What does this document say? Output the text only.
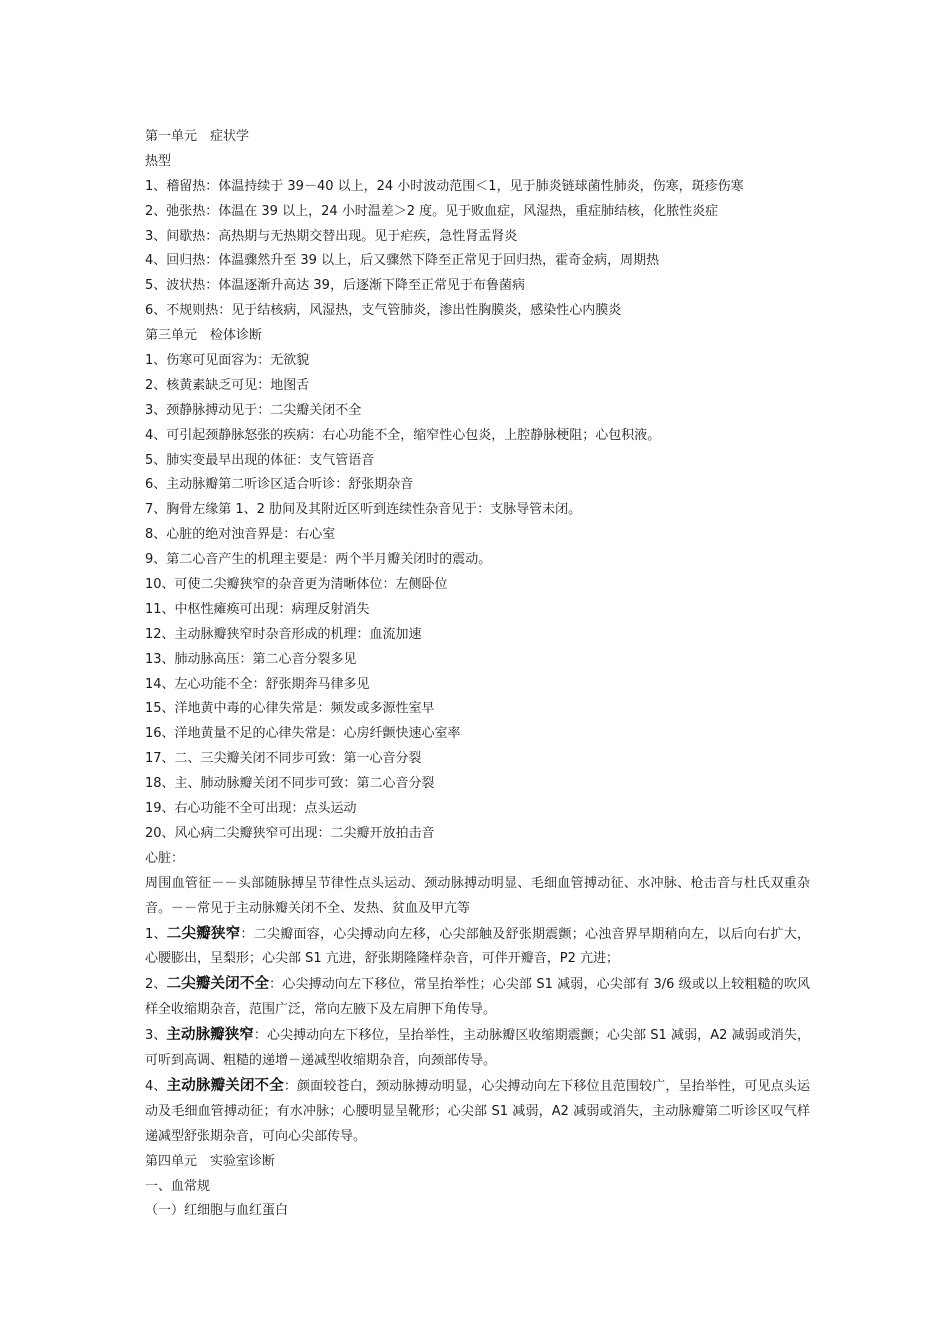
第一单元　症状学
热型
1、稽留热：体温持续于 39－40 以上，24 小时波动范围＜1，见于肺炎链球菌性肺炎，伤寒，斑疹伤寒
2、弛张热：体温在 39 以上，24 小时温差＞2 度。见于败血症，风湿热，重症肺结核，化脓性炎症
3、间歇热：高热期与无热期交替出现。见于疟疾，急性肾盂肾炎
4、回归热：体温骤然升至 39 以上，后又骤然下降至正常见于回归热，霍奇金病，周期热
5、波状热：体温逐渐升高达 39，后逐渐下降至正常见于布鲁菌病
6、不规则热：见于结核病，风湿热，支气管肺炎，渗出性胸膜炎，感染性心内膜炎
第三单元　检体诊断
1、伤寒可见面容为：无欲貌
2、核黄素缺乏可见：地图舌
3、颈静脉搏动见于：二尖瓣关闭不全
4、可引起颈静脉怒张的疾病：右心功能不全，缩窄性心包炎，上腔静脉梗阻；心包积液。
5、肺实变最早出现的体征：支气管语音
6、主动脉瓣第二听诊区适合听诊：舒张期杂音
7、胸骨左缘第 1、2 肋间及其附近区听到连续性杂音见于：支脉导管未闭。
8、心脏的绝对浊音界是：右心室
9、第二心音产生的机理主要是：两个半月瓣关闭时的震动。
10、可使二尖瓣狭窄的杂音更为清晰体位：左侧卧位
11、中枢性瘫痪可出现：病理反射消失
12、主动脉瓣狭窄时杂音形成的机理：血流加速
13、肺动脉高压：第二心音分裂多见
14、左心功能不全：舒张期奔马律多见
15、洋地黄中毒的心律失常是：频发或多源性室早
16、洋地黄量不足的心律失常是：心房纤颤快速心室率
17、二、三尖瓣关闭不同步可致：第一心音分裂
18、主、肺动脉瓣关闭不同步可致：第二心音分裂
19、右心功能不全可出现：点头运动
20、风心病二尖瓣狭窄可出现：二尖瓣开放拍击音
心脏：
周围血管征－－头部随脉搏呈节律性点头运动、颈动脉搏动明显、毛细血管搏动征、水冲脉、枪击音与杜氏双重杂音。－－常见于主动脉瓣关闭不全、发热、贫血及甲亢等
1、二尖瓣狭窄：二尖瓣面容，心尖搏动向左移，心尖部触及舒张期震颤；心浊音界早期稍向左，以后向右扩大，心腰膨出，呈梨形；心尖部 S1 亢进，舒张期隆隆样杂音，可伴开瓣音，P2 亢进；
2、二尖瓣关闭不全：心尖搏动向左下移位，常呈抬举性；心尖部 S1 减弱，心尖部有 3/6 级或以上较粗糙的吹风样全收缩期杂音，范围广泛，常向左腋下及左肩胛下角传导。
3、主动脉瓣狭窄：心尖搏动向左下移位，呈抬举性，主动脉瓣区收缩期震颤；心尖部 S1 减弱，A2 减弱或消失，可听到高调、粗糙的递增－递减型收缩期杂音，向颈部传导。
4、主动脉瓣关闭不全：颜面较苍白，颈动脉搏动明显，心尖搏动向左下移位且范围较广，呈抬举性，可见点头运动及毛细血管搏动征；有水冲脉；心腰明显呈靴形；心尖部 S1 减弱，A2 减弱或消失，主动脉瓣第二听诊区叹气样递减型舒张期杂音，可向心尖部传导。
第四单元　实验室诊断
一、血常规
（一）红细胞与血红蛋白
